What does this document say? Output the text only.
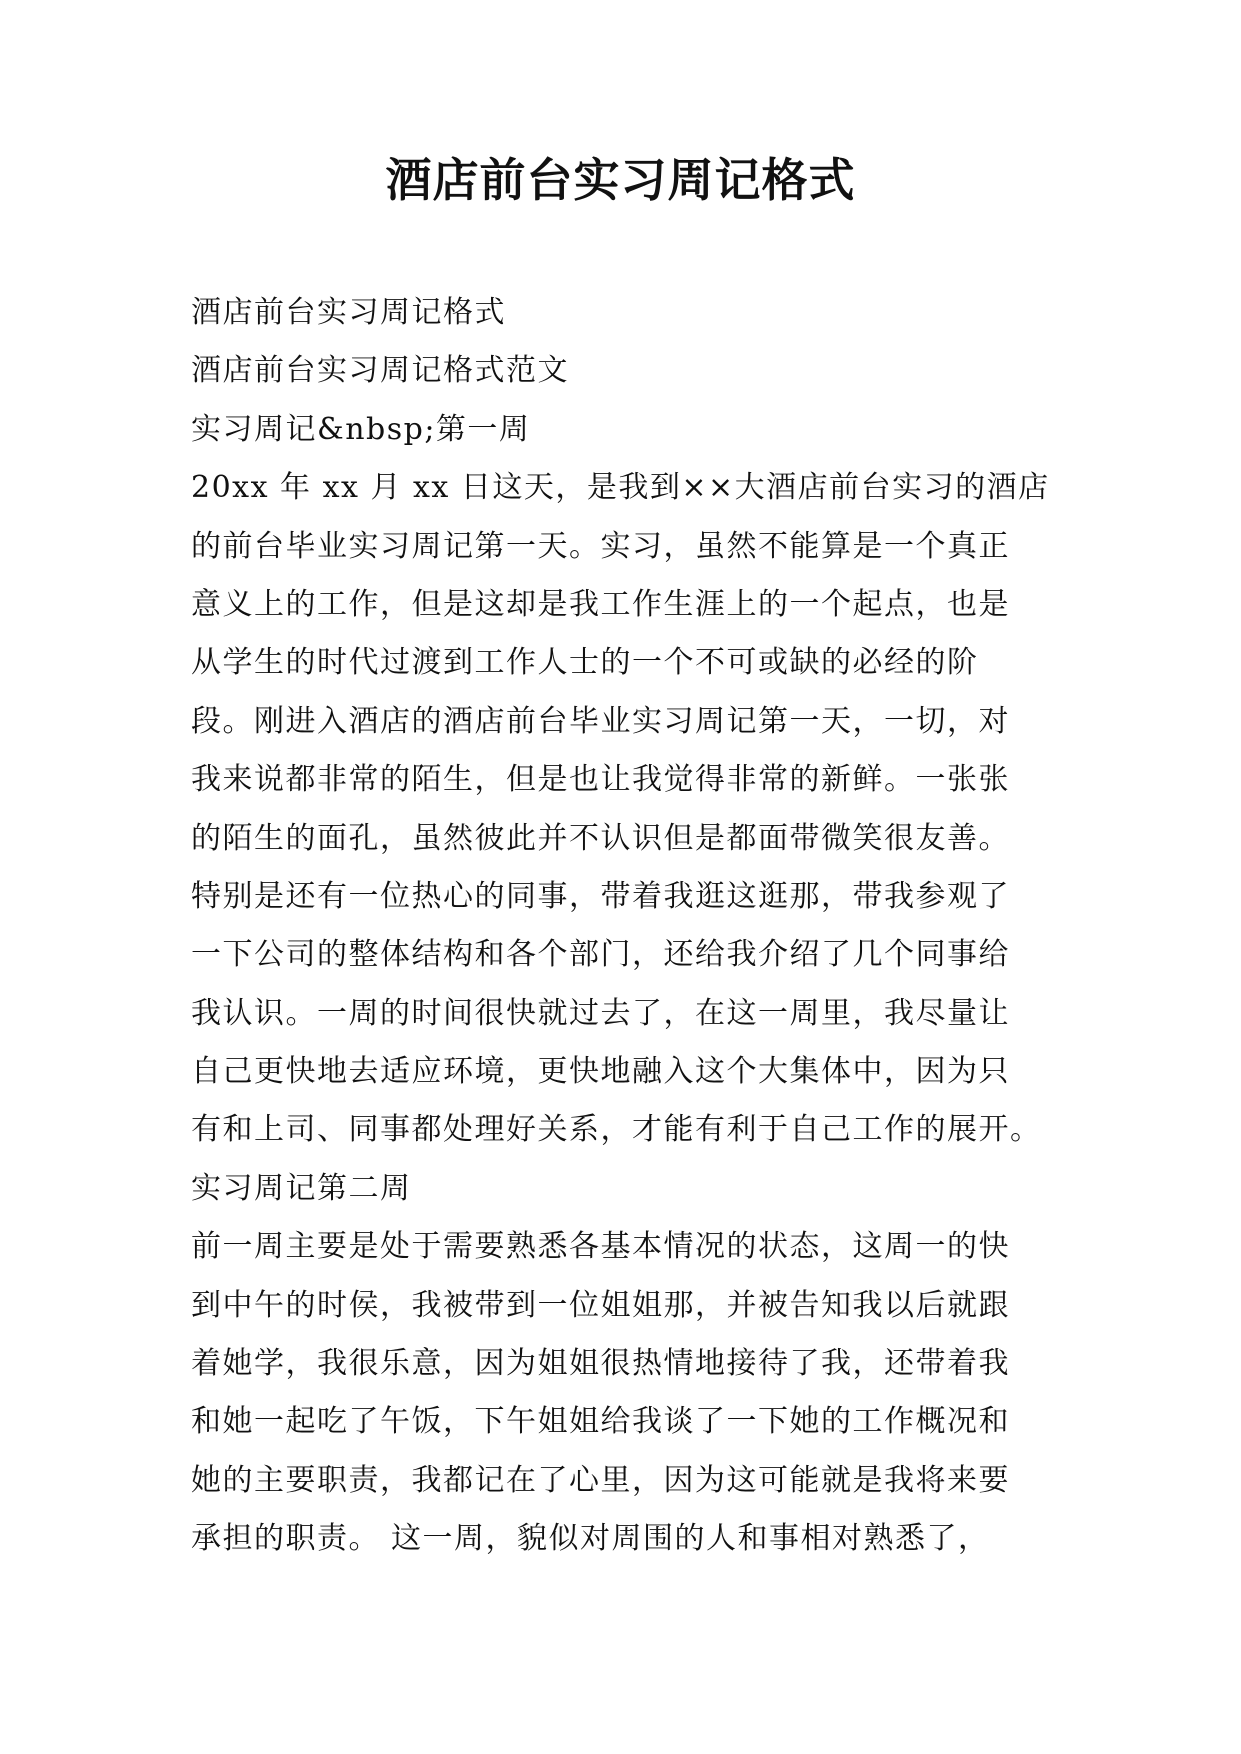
酒店前台实习周记格式

酒店前台实习周记格式

酒店前台实习周记格式范文

实习周记&nbsp;第一周

20xx 年 xx 月 xx 日这天，是我到××大酒店前台实习的酒店

的前台毕业实习周记第一天。实习，虽然不能算是一个真正

意义上的工作，但是这却是我工作生涯上的一个起点，也是

从学生的时代过渡到工作人士的一个不可或缺的必经的阶

段。刚进入酒店的酒店前台毕业实习周记第一天，一切，对

我来说都非常的陌生，但是也让我觉得非常的新鲜。一张张

的陌生的面孔，虽然彼此并不认识但是都面带微笑很友善。

特别是还有一位热心的同事，带着我逛这逛那，带我参观了

一下公司的整体结构和各个部门，还给我介绍了几个同事给

我认识。一周的时间很快就过去了，在这一周里，我尽量让

自己更快地去适应环境，更快地融入这个大集体中，因为只

有和上司、同事都处理好关系，才能有利于自己工作的展开。

实习周记第二周

前一周主要是处于需要熟悉各基本情况的状态，这周一的快

到中午的时侯，我被带到一位姐姐那，并被告知我以后就跟

着她学，我很乐意，因为姐姐很热情地接待了我，还带着我

和她一起吃了午饭，下午姐姐给我谈了一下她的工作概况和

她的主要职责，我都记在了心里，因为这可能就是我将来要

承担的职责。 这一周，貌似对周围的人和事相对熟悉了，
